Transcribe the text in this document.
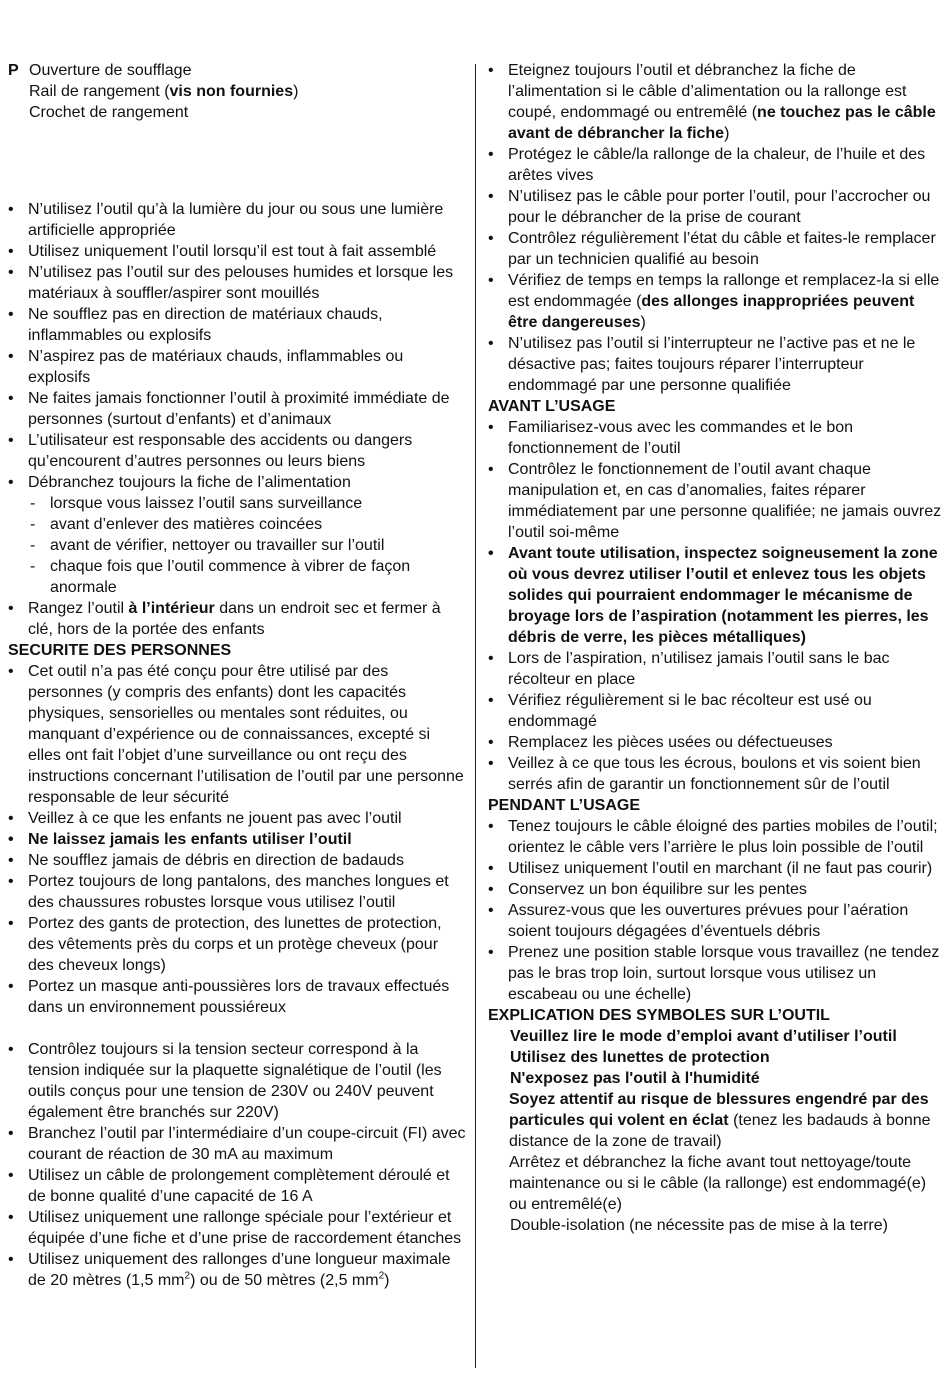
P Ouverture de soufflage
Rail de rangement (vis non fournies)
Crochet de rangement
• N’utilisez l’outil qu’à la lumière du jour ou sous une lumière artificielle appropriée
• Utilisez uniquement l’outil lorsqu’il est tout à fait assemblé
• N’utilisez pas l’outil sur des pelouses humides et lorsque les matériaux à souffler/aspirer sont mouillés
• Ne soufflez pas en direction de matériaux chauds, inflammables ou explosifs
• N’aspirez pas de matériaux chauds, inflammables ou explosifs
• Ne faites jamais fonctionner l’outil à proximité immédiate de personnes (surtout d’enfants) et d’animaux
• L’utilisateur est responsable des accidents ou dangers qu’encourent d’autres personnes ou leurs biens
• Débranchez toujours la fiche de l’alimentation
- lorsque vous laissez l’outil sans surveillance
- avant d’enlever des matières coincées
- avant de vérifier, nettoyer ou travailler sur l’outil
- chaque fois que l’outil commence à vibrer de façon anormale
• Rangez l’outil à l’intérieur dans un endroit sec et fermer à clé, hors de la portée des enfants
SECURITE DES PERSONNES
• Cet outil n’a pas été conçu pour être utilisé par des personnes (y compris des enfants) dont les capacités physiques, sensorielles ou mentales sont réduites, ou manquant d’expérience ou de connaissances, excepté si elles ont fait l’objet d’une surveillance ou ont reçu des instructions concernant l’utilisation de l’outil par une personne responsable de leur sécurité
• Veillez à ce que les enfants ne jouent pas avec l’outil
• Ne laissez jamais les enfants utiliser l’outil
• Ne soufflez jamais de débris en direction de badauds
• Portez toujours de long pantalons, des manches longues et des chaussures robustes lorsque vous utilisez l’outil
• Portez des gants de protection, des lunettes de protection, des vêtements près du corps et un protège cheveux (pour des cheveux longs)
• Portez un masque anti-poussières lors de travaux effectués dans un environnement poussiéreux
• Contrôlez toujours si la tension secteur correspond à la tension indiquée sur la plaquette signalétique de l’outil (les outils conçus pour une tension de 230V ou 240V peuvent également être branchés sur 220V)
• Branchez l’outil par l’intermédiaire d’un coupe-circuit (FI) avec courant de réaction de 30 mA au maximum
• Utilisez un câble de prolongement complètement déroulé et de bonne qualité d’une capacité de 16 A
• Utilisez uniquement une rallonge spéciale pour l’extérieur et équipée d’une fiche et d’une prise de raccordement étanches
• Utilisez uniquement des rallonges d’une longueur maximale de 20 mètres (1,5 $mm^2$) ou de 50 mètres (2,5 $mm^2$)
• Eteignez toujours l’outil et débranchez la fiche de l’alimentation si le câble d’alimentation ou la rallonge est coupé, endommagé ou entremêlé (ne touchez pas le câble avant de débrancher la fiche)
• Protégez le câble/la rallonge de la chaleur, de l’huile et des arêtes vives
• N’utilisez pas le câble pour porter l’outil, pour l’accrocher ou pour le débrancher de la prise de courant
• Contrôlez régulièrement l’état du câble et faites-le remplacer par un technicien qualifié au besoin
• Vérifiez de temps en temps la rallonge et remplacez-la si elle est endommagée (des allonges inappropriées peuvent être dangereuses)
• N’utilisez pas l’outil si l’interrupteur ne l’active pas et ne le désactive pas; faites toujours réparer l’interrupteur endommagé par une personne qualifiée
AVANT L’USAGE
• Familiarisez-vous avec les commandes et le bon fonctionnement de l’outil
• Contrôlez le fonctionnement de l’outil avant chaque manipulation et, en cas d’anomalies, faites réparer immédiatement par une personne qualifiée; ne jamais ouvrez l’outil soi-même
• Avant toute utilisation, inspectez soigneusement la zone où vous devrez utiliser l’outil et enlevez tous les objets solides qui pourraient endommager le mécanisme de broyage lors de l’aspiration (notamment les pierres, les débris de verre, les pièces métalliques)
• Lors de l’aspiration, n’utilisez jamais l’outil sans le bac récolteur en place
• Vérifiez régulièrement si le bac récolteur est usé ou endommagé
• Remplacez les pièces usées ou défectueuses
• Veillez à ce que tous les écrous, boulons et vis soient bien serrés afin de garantir un fonctionnement sûr de l’outil
PENDANT L’USAGE
• Tenez toujours le câble éloigné des parties mobiles de l’outil; orientez le câble vers l’arrière le plus loin possible de l’outil
• Utilisez uniquement l’outil en marchant (il ne faut pas courir)
• Conservez un bon équilibre sur les pentes
• Assurez-vous que les ouvertures prévues pour l’aération soient toujours dégagées d’éventuels débris
• Prenez une position stable lorsque vous travaillez (ne tendez pas le bras trop loin, surtout lorsque vous utilisez un escabeau ou une échelle)
EXPLICATION DES SYMBOLES SUR L’OUTIL
Veuillez lire le mode d’emploi avant d’utiliser l’outil
Utilisez des lunettes de protection
N'exposez pas l'outil à l'humidité
Soyez attentif au risque de blessures engendré par des particules qui volent en éclat (tenez les badauds à bonne distance de la zone de travail)
Arrêtez et débranchez la fiche avant tout nettoyage/toute maintenance ou si le câble (la rallonge) est endommagé(e) ou entremêlé(e)
Double-isolation (ne nécessite pas de mise à la terre)
